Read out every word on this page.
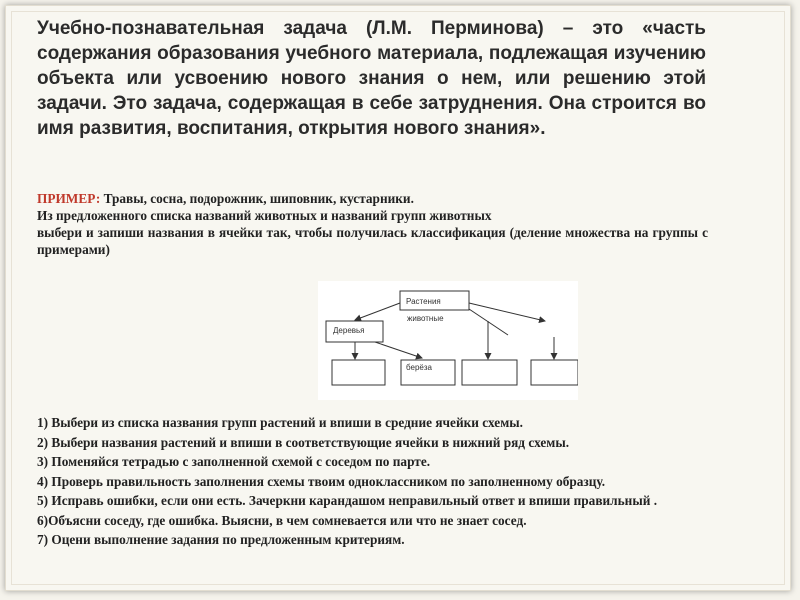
Учебно-познавательная задача (Л.М. Перминова) – это «часть содержания образования учебного материала, подлежащая изучению объекта или усвоению нового знания о нем, или решению этой задачи. Это задача, содержащая в себе затруднения. Она строится во имя развития, воспитания, открытия нового знания».
ПРИМЕР: Травы, сосна, подорожник, шиповник, кустарники.
Из предложенного списка названий животных и названий групп животных
выбери и запиши названия в ячейки так, чтобы получилась классификация (деление множества на группы с примерами)
Растения
животные
Деревья
берёза
1) Выбери из списка названия групп растений и впиши в средние ячейки схемы.
2) Выбери названия растений и впиши в соответствующие ячейки в нижний ряд схемы.
3) Поменяйся тетрадью с заполненной схемой с соседом по парте.
4) Проверь правильность заполнения схемы твоим одноклассником по заполненному образцу.
5) Исправь ошибки, если они есть. Зачеркни карандашом неправильный ответ и впиши правильный .
6)Объясни соседу, где ошибка. Выясни, в чем сомневается или что не знает сосед.
7) Оцени выполнение задания по предложенным критериям.
